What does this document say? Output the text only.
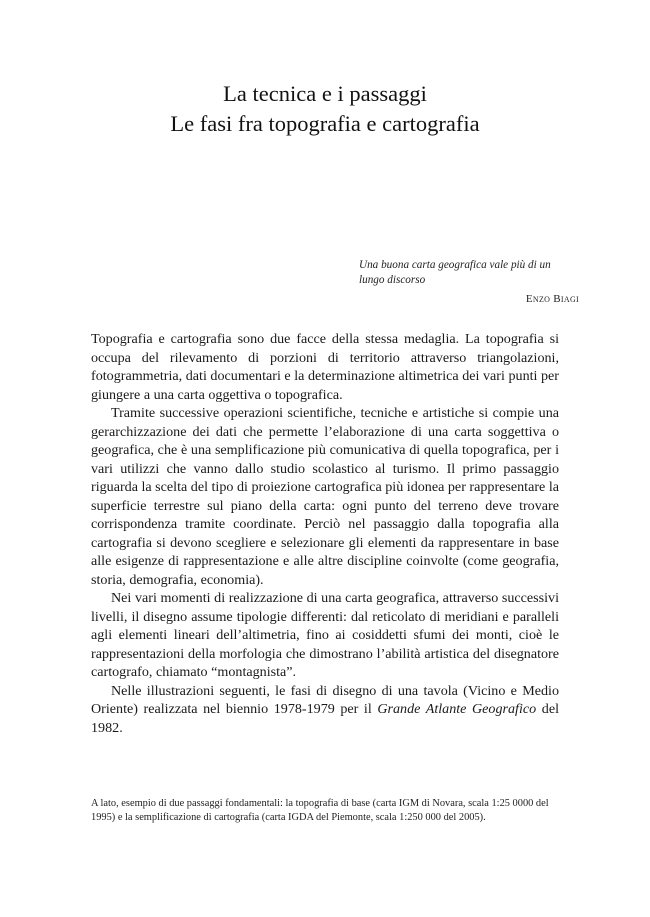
La tecnica e i passaggi
Le fasi fra topografia e cartografia
Una buona carta geografica vale più di un
lungo discorso
Enzo Biagi

Topografia e cartografia sono due facce della stessa medaglia. La topografia si occupa del rilevamento di porzioni di territorio attraverso triangolazioni, fotogrammetria, dati documentari e la determinazione altimetrica dei vari punti per giungere a una carta oggettiva o topografica.

Tramite successive operazioni scientifiche, tecniche e artistiche si compie una gerarchizzazione dei dati che permette l’elaborazione di una carta soggettiva o geografica, che è una semplificazione più comunicativa di quella topografica, per i vari utilizzi che vanno dallo studio scolastico al turismo. Il primo passaggio riguarda la scelta del tipo di proiezione cartografica più idonea per rappresentare la superficie terrestre sul piano della carta: ogni punto del terreno deve trovare corrispondenza tramite coordinate. Perciò nel passaggio dalla topografia alla cartografia si devono scegliere e selezionare gli elementi da rappresentare in base alle esigenze di rappresentazione e alle altre discipline coinvolte (come geografia, storia, demografia, economia).

Nei vari momenti di realizzazione di una carta geografica, attraverso successivi livelli, il disegno assume tipologie differenti: dal reticolato di meridiani e paralleli agli elementi lineari dell’altimetria, fino ai cosiddetti sfumi dei monti, cioè le rappresentazioni della morfologia che dimostrano l’abilità artistica del disegnatore cartografo, chiamato “montagnista”.

Nelle illustrazioni seguenti, le fasi di disegno di una tavola (Vicino e Medio Oriente) realizzata nel biennio 1978-1979 per il Grande Atlante Geografico del 1982.

A lato, esempio di due passaggi fondamentali: la topografia di base (carta IGM di Novara, scala 1:25 0000 del 1995) e la semplificazione di cartografia (carta IGDA del Piemonte, scala 1:250 000 del 2005).
